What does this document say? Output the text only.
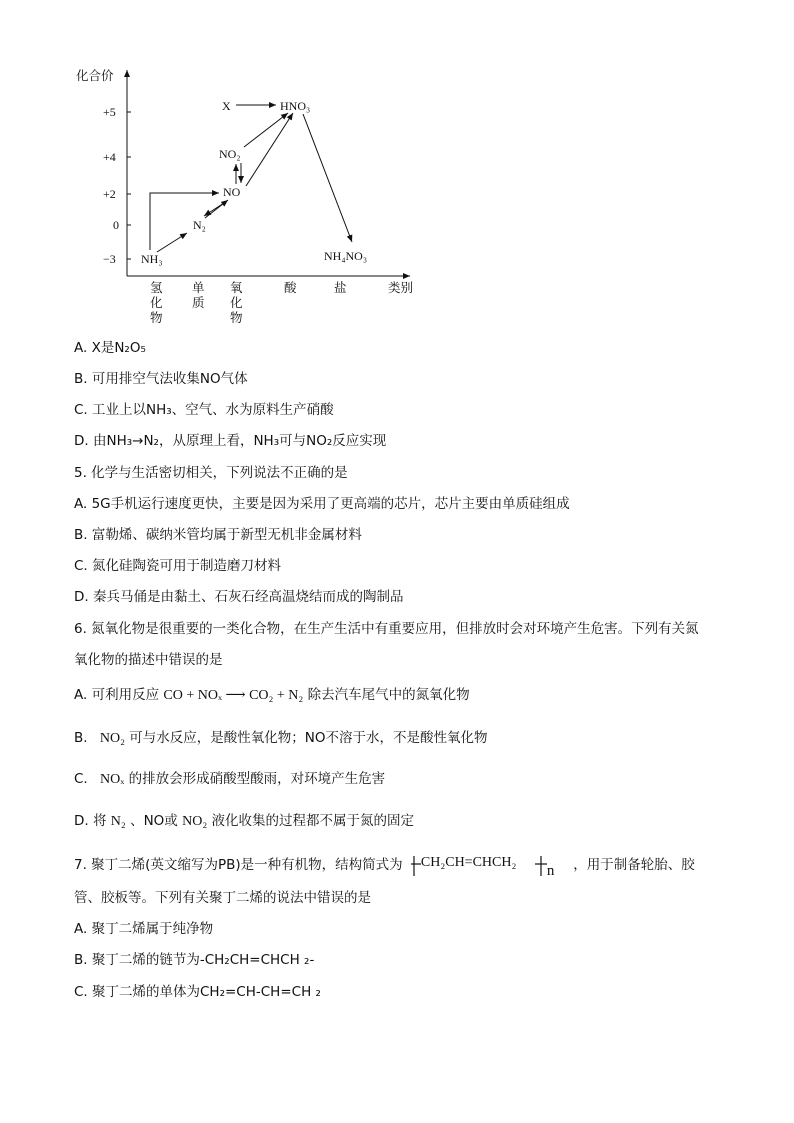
化合价
+5
+4
+2
0
−3
氢
化
物
单
质
氧
化
物
酸	盐	类别
X	HNO₃
NO₂
NO
N₂
NH₃	NH₄NO₃
A. X是N₂O₅
B. 可用排空气法收集NO气体
C. 工业上以NH₃、空气、水为原料生产硝酸
D. 由NH₃→N₂，从原理上看，NH₃可与NO₂反应实现
5. 化学与生活密切相关，下列说法不正确的是
A. 5G手机运行速度更快，主要是因为采用了更高端的芯片，芯片主要由单质硅组成
B. 富勒烯、碳纳米管均属于新型无机非金属材料
C. 氮化硅陶瓷可用于制造磨刀材料
D. 秦兵马俑是由黏土、石灰石经高温烧结而成的陶制品
6. 氮氧化物是很重要的一类化合物，在生产生活中有重要应用，但排放时会对环境产生危害。下列有关氮
氧化物的描述中错误的是
A. 可利用反应 CO + NOₓ ⟶ CO₂ + N₂ 除去汽车尾气中的氮氧化物
B. NO₂ 可与水反应，是酸性氧化物；NO不溶于水，不是酸性氧化物
C. NOₓ 的排放会形成硝酸型酸雨，对环境产生危害
D. 将 N₂ 、NO或 NO₂ 液化收集的过程都不属于氮的固定
7. 聚丁二烯(英文缩写为PB)是一种有机物，结构简式为 CH₂CH=CHCH₂
n ，用于制备轮胎、胶
管、胶板等。下列有关聚丁二烯的说法中错误的是
A. 聚丁二烯属于纯净物
B. 聚丁二烯的链节为-CH₂CH=CHCH ₂-
C. 聚丁二烯的单体为CH₂=CH-CH=CH ₂
